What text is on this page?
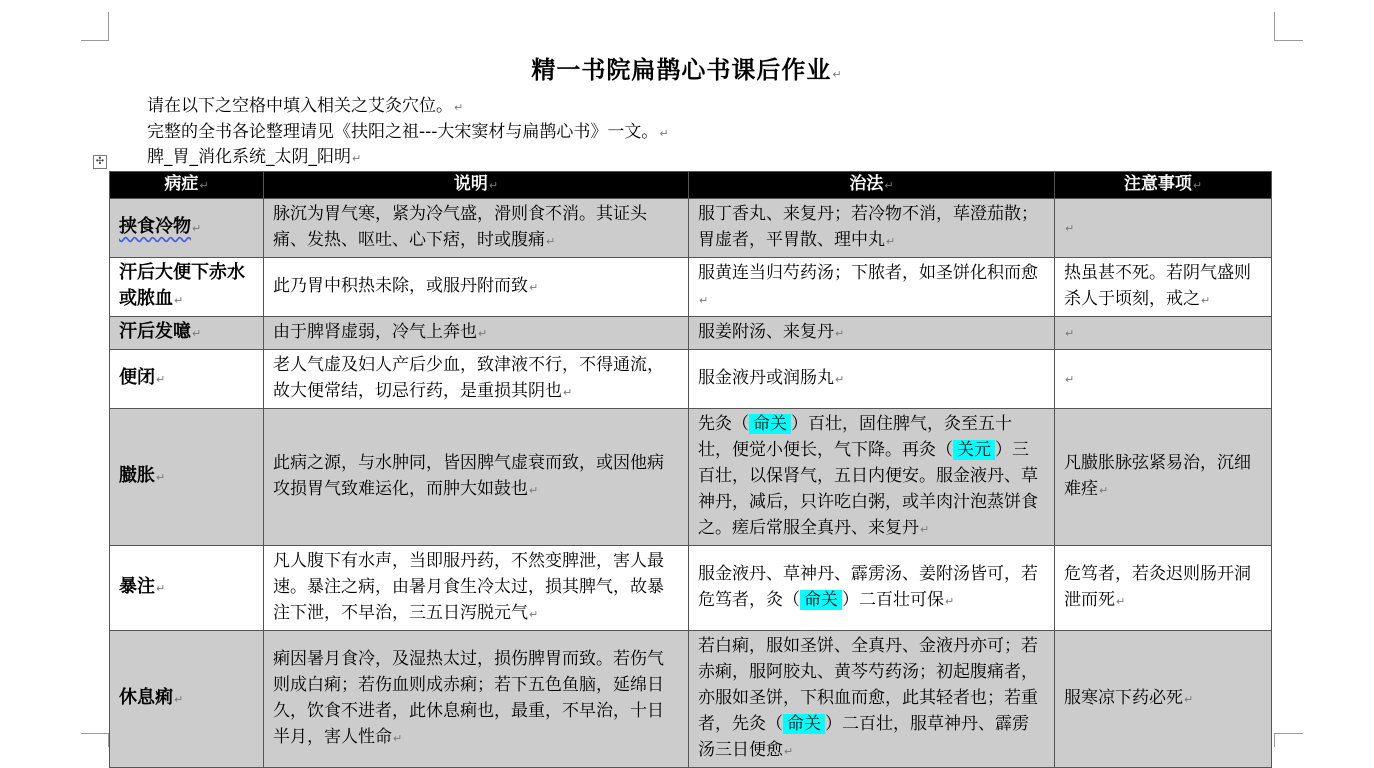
精一书院扁鹊心书课后作业↵
请在以下之空格中填入相关之艾灸穴位。↵
完整的全书各论整理请见《扶阳之祖---大宋窦材与扁鹊心书》一文。↵
脾_胃_消化系统_太阴_阳明↵
✣
病症↵	说明↵	治法↵	注意事项↵
挟食冷物↵	脉沉为胃气寒，紧为冷气盛，滑则食不消。其证头痛、发热、呕吐、心下痞，时或腹痛↵	服丁香丸、来复丹；若冷物不消，荜澄茄散；胃虚者，平胃散、理中丸↵	↵
汗后大便下赤水或脓血↵	此乃胃中积热未除，或服丹附而致↵	服黄连当归芍药汤；下脓者，如圣饼化积而愈↵	热虽甚不死。若阴气盛则杀人于顷刻，戒之↵
汗后发噫↵	由于脾肾虚弱，冷气上奔也↵	服姜附汤、来复丹↵	↵
便闭↵	老人气虚及妇人产后少血，致津液不行，不得通流，故大便常结，切忌行药，是重损其阴也↵	服金液丹或润肠丸↵	↵
臌胀↵	此病之源，与水肿同，皆因脾气虚衰而致，或因他病攻损胃气致难运化，而肿大如鼓也↵	先灸（ 命关 ）百壮，固住脾气，灸至五十壮，便觉小便长，气下降。再灸（ 关元 ）三百壮，以保肾气，五日内便安。服金液丹、草神丹，减后，只许吃白粥，或羊肉汁泡蒸饼食之。瘥后常服全真丹、来复丹↵	凡臌胀脉弦紧易治，沉细难痊↵
暴注↵	凡人腹下有水声，当即服丹药，不然变脾泄，害人最速。暴注之病，由暑月食生冷太过，损其脾气，故暴注下泄，不早治，三五日泻脱元气↵	服金液丹、草神丹、霹雳汤、姜附汤皆可，若危笃者，灸（ 命关 ）二百壮可保↵	危笃者，若灸迟则肠开洞泄而死↵
休息痢↵	痢因暑月食冷，及湿热太过，损伤脾胃而致。若伤气则成白痢；若伤血则成赤痢；若下五色鱼脑，延绵日久，饮食不进者，此休息痢也，最重，不早治，十日半月，害人性命↵	若白痢，服如圣饼、全真丹、金液丹亦可；若赤痢，服阿胶丸、黄芩芍药汤；初起腹痛者，亦服如圣饼，下积血而愈，此其轻者也；若重者，先灸（ 命关 ）二百壮，服草神丹、霹雳汤三日便愈↵	服寒凉下药必死↵
